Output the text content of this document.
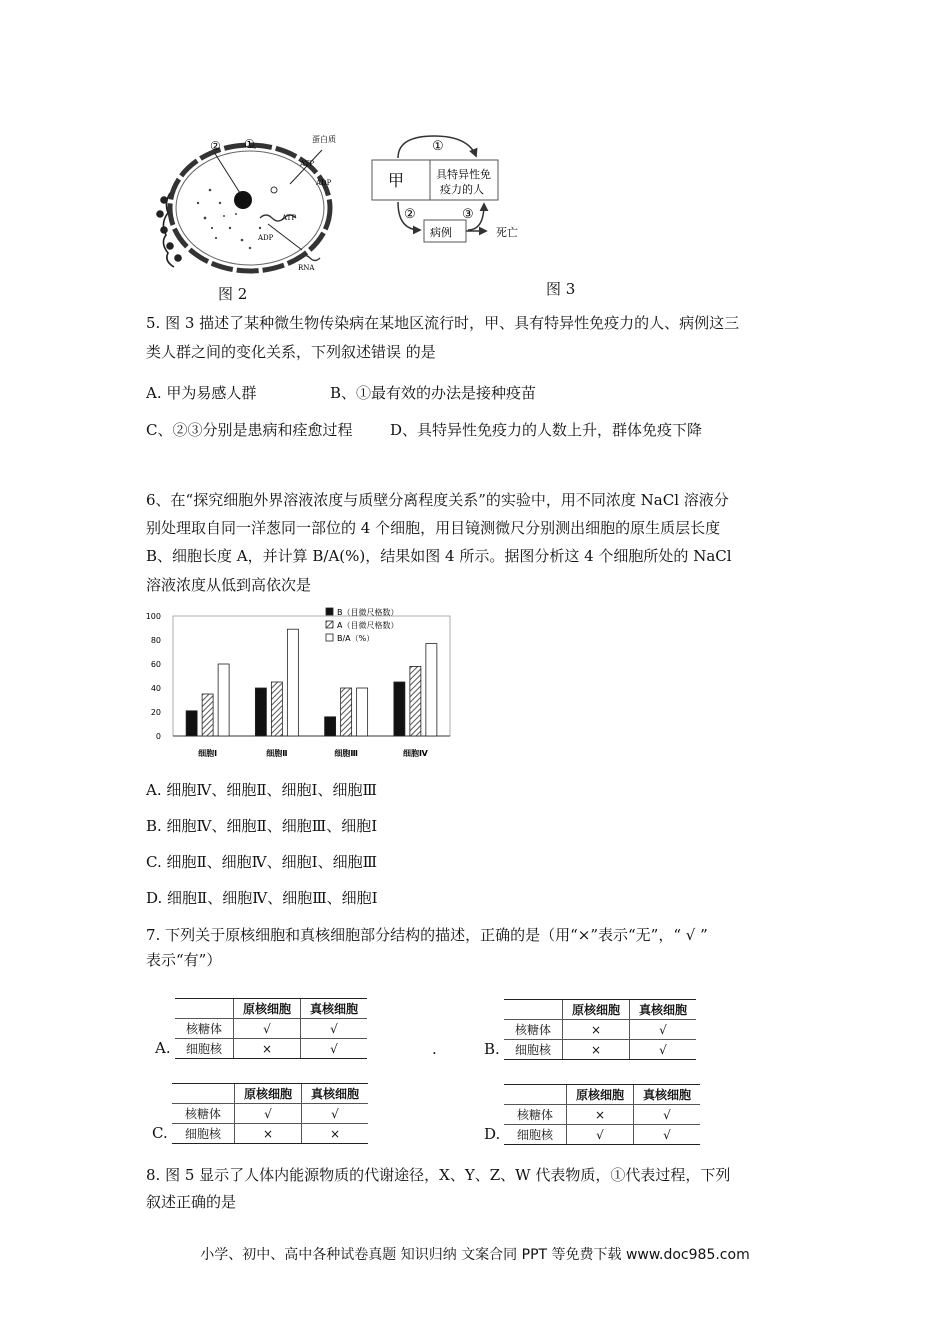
② ①	蛋白质
ATP
ADP
ATP
ADP
RNA
图 2
①
②	③
甲	具特异性免
疫力的人
病例	死亡
图 3
5. 图 3 描述了某种微生物传染病在某地区流行时，甲、具有特异性免疫力的人、病例这三
类人群之间的变化关系，下列叙述错误 的是
A. 甲为易感人群	B、①最有效的办法是接种疫苗
C、②③分别是患病和痊愈过程	D、具特异性免疫力的人数上升，群体免疫下降
6、在“探究细胞外界溶液浓度与质壁分离程度关系”的实验中，用不同浓度 NaCl 溶液分
别处理取自同一洋葱同一部位的 4 个细胞，用目镜测微尺分别测出细胞的原生质层长度
B、细胞长度 A，并计算 B/A(%)，结果如图 4 所示。据图分析这 4 个细胞所处的 NaCl
溶液浓度从低到高依次是
0
20
40
60
80
100
细胞Ⅰ	细胞Ⅱ	细胞Ⅲ	细胞Ⅳ
B（目微尺格数）
A（目微尺格数）
B/A（%）
A. 细胞Ⅳ、细胞Ⅱ、细胞Ⅰ、细胞Ⅲ
B. 细胞Ⅳ、细胞Ⅱ、细胞Ⅲ、细胞Ⅰ
C. 细胞Ⅱ、细胞Ⅳ、细胞Ⅰ、细胞Ⅲ
D. 细胞Ⅱ、细胞Ⅳ、细胞Ⅲ、细胞Ⅰ
7. 下列关于原核细胞和真核细胞部分结构的描述，正确的是（用“×”表示“无”，“ √ ”
表示“有”）
A.
	原核细胞	真核细胞
核糖体	√	√
细胞核	×	√	B.
	原核细胞	真核细胞
核糖体	×	√
细胞核	×	√
C.
	原核细胞	真核细胞
核糖体	√	√
细胞核	×	×	D.
	原核细胞	真核细胞
核糖体	×	√
细胞核	√	√
.
8. 图 5 显示了人体内能源物质的代谢途径，X、Y、Z、W 代表物质，①代表过程，下列
叙述正确的是
小学、初中、高中各种试卷真题 知识归纳 文案合同 PPT 等免费下载 www.doc985.com
